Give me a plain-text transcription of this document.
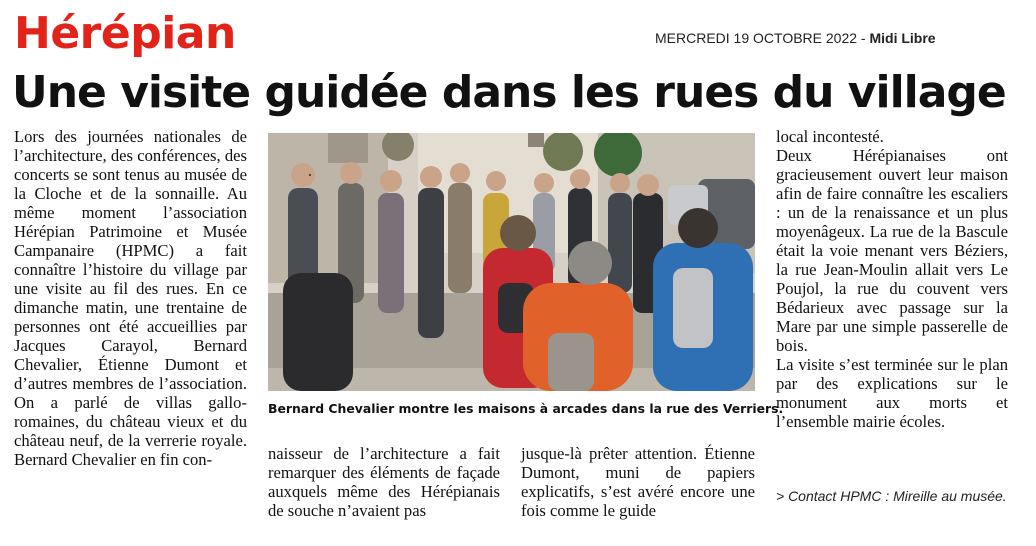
Hérépian	MERCREDI 19 OCTOBRE 2022 - Midi Libre
Une visite guidée dans les rues du village

Lors des journées nationales de l’architecture, des conférences, des concerts se sont tenus au musée de la Cloche et de la sonnaille. Au même moment l’association Hérépian Patrimoine et Musée Campanaire (HPMC) a fait connaître l’histoire du village par une visite au fil des rues. En ce dimanche matin, une trentaine de personnes ont été accueillies par Jacques Carayol, Bernard Chevalier, Étienne Dumont et d’autres membres de l’association. On a parlé de villas gallo-romaines, du château vieux et du château neuf, de la verrerie royale. Bernard Chevalier en fin con-

Bernard Chevalier montre les maisons à arcades dans la rue des Verriers.

naisseur de l’architecture a fait remarquer des éléments de façade auxquels même des Hérépianais de souche n’avaient pas

jusque-là prêter attention. Étienne Dumont, muni de papiers explicatifs, s’est avéré encore une fois comme le guide

local incontesté.

Deux Hérépianaises ont gracieusement ouvert leur maison afin de faire connaître les escaliers : un de la renaissance et un plus moyenâgeux. La rue de la Bascule était la voie menant vers Béziers, la rue Jean-Moulin allait vers Le Poujol, la rue du couvent vers Bédarieux avec passage sur la Mare par une simple passerelle de bois.

La visite s’est terminée sur le plan par des explications sur le monument aux morts et l’ensemble mairie écoles.

> Contact HPMC : Mireille au musée.
